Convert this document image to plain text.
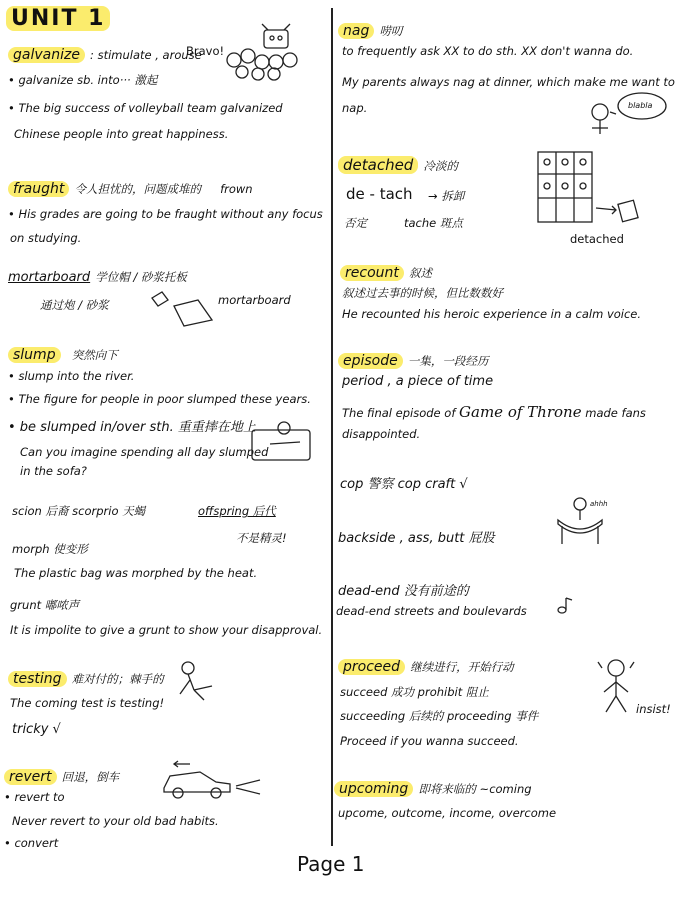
UNIT 1
galvanize : stimulate , arouse
Bravo!
• galvanize sb. into··· 激起
• The big success of volleyball team galvanized
Chinese people into great happiness.
fraught 令人担忧的，问题成堆的 frown
• His grades are going to be fraught without any focus
on studying.
mortarboard 学位帽 / 砂浆托板
通过炮 / 砂浆	mortarboard
slump 突然向下
• slump into the river.
• The figure for people in poor slumped these years.
• be slumped in/over sth. 重重摔在地上
Can you imagine spending all day slumped
in the sofa?
scion 后裔 scorprio 天蝎	offspring 后代
不是精灵!
morph 使变形
The plastic bag was morphed by the heat.
grunt 嘟哝声
It is impolite to give a grunt to show your disapproval.
testing 难对付的；棘手的
The coming test is testing!
tricky √
revert 回退，倒车
• revert to
Never revert to your old bad habits.
• convert
nag 唠叨
to frequently ask XX to do sth. XX don't wanna do.
My parents always nag at dinner, which make me want to
nap.	blabla
detached 冷淡的
de - tach → 拆卸
否定	tache 斑点
detached
recount 叙述
叙述过去事的时候，但比数数好
He recounted his heroic experience in a calm voice.
episode 一集，一段经历
period , a piece of time
The final episode of Game of Throne made fans
disappointed.
cop 警察 cop craft √
backside , ass, butt 屁股
ahhh
dead-end 没有前途的
dead-end streets and boulevards
proceed 继续进行，开始行动
succeed 成功 prohibit 阻止
succeeding 后续的 proceeding 事件
Proceed if you wanna succeed.
insist!
upcoming 即将来临的 ~coming
upcome, outcome, income, overcome
Page 1
